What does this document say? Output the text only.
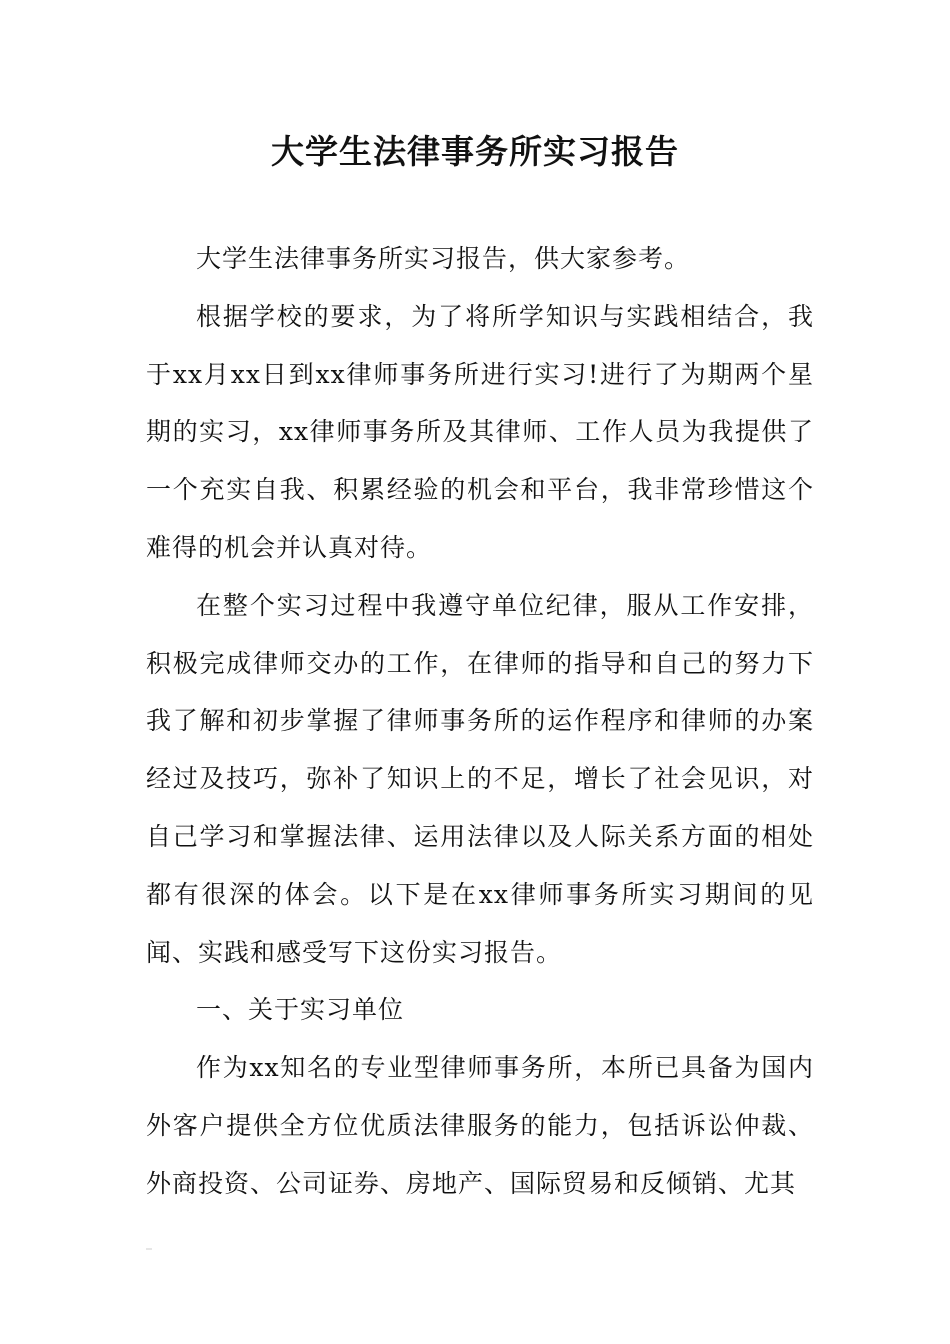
大学生法律事务所实习报告

大学生法律事务所实习报告，供大家参考。

根据学校的要求，为了将所学知识与实践相结合，我于xx月xx日到xx律师事务所进行实习!进行了为期两个星期的实习，xx律师事务所及其律师、工作人员为我提供了一个充实自我、积累经验的机会和平台，我非常珍惜这个难得的机会并认真对待。

在整个实习过程中我遵守单位纪律，服从工作安排，积极完成律师交办的工作，在律师的指导和自己的努力下我了解和初步掌握了律师事务所的运作程序和律师的办案经过及技巧，弥补了知识上的不足，增长了社会见识，对自己学习和掌握法律、运用法律以及人际关系方面的相处都有很深的体会。以下是在xx律师事务所实习期间的见闻、实践和感受写下这份实习报告。

一、关于实习单位

作为xx知名的专业型律师事务所，本所已具备为国内外客户提供全方位优质法律服务的能力，包括诉讼仲裁、外商投资、公司证券、房地产、国际贸易和反倾销、尤其
